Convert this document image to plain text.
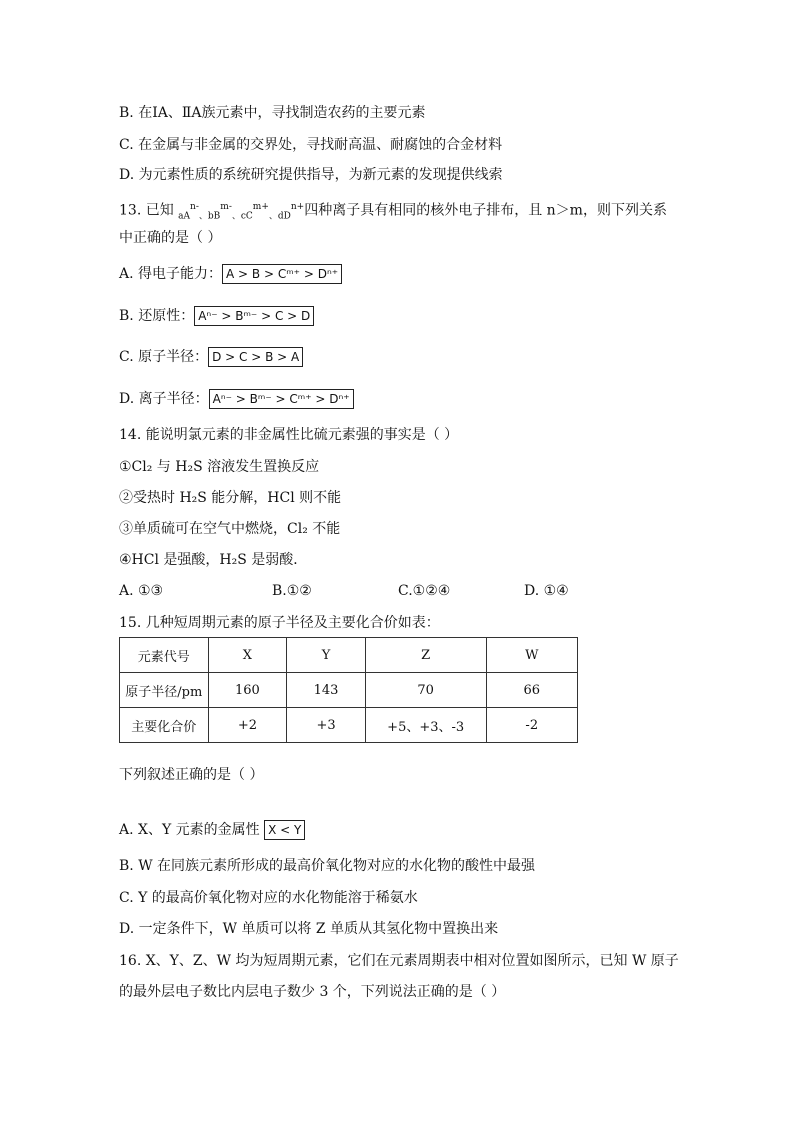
B. 在ⅠA、ⅡA族元素中，寻找制造农药的主要元素
C. 在金属与非金属的交界处，寻找耐高温、耐腐蚀的合金材料
D. 为元素性质的系统研究提供指导，为新元素的发现提供线索
13. 已知 $_{aA}^{n-}_{、bB}^{m-}_{、cC}^{m+}_{、dD}^{n+}$四种离子具有相同的核外电子排布，且 n＞m，则下列关系
中正确的是（ ）
A. 得电子能力： A > B > Cᵐ⁺ > Dⁿ⁺
B. 还原性： Aⁿ⁻ > Bᵐ⁻ > C > D
C. 原子半径： D > C > B > A
D. 离子半径： Aⁿ⁻ > Bᵐ⁻ > Cᵐ⁺ > Dⁿ⁺
14. 能说明氯元素的非金属性比硫元素强的事实是（ ）
①Cl₂ 与 H₂S 溶液发生置换反应
②受热时 H₂S 能分解，HCl 则不能
③单质硫可在空气中燃烧，Cl₂ 不能
④HCl 是强酸，H₂S 是弱酸．
A. ①③	B.①②	C.①②④	D. ①④
15. 几种短周期元素的原子半径及主要化合价如表：
元素代号	X	Y	Z	W
原子半径/pm	160	143	70	66
主要化合价	+2	+3	+5、+3、-3	-2
下列叙述正确的是（ ）
A. X、Y 元素的金属性 X < Y
B. W 在同族元素所形成的最高价氧化物对应的水化物的酸性中最强
C. Y 的最高价氧化物对应的水化物能溶于稀氨水
D. 一定条件下，W 单质可以将 Z 单质从其氢化物中置换出来
16. X、Y、Z、W 均为短周期元素，它们在元素周期表中相对位置如图所示，已知 W 原子
的最外层电子数比内层电子数少 3 个，下列说法正确的是（ ）
